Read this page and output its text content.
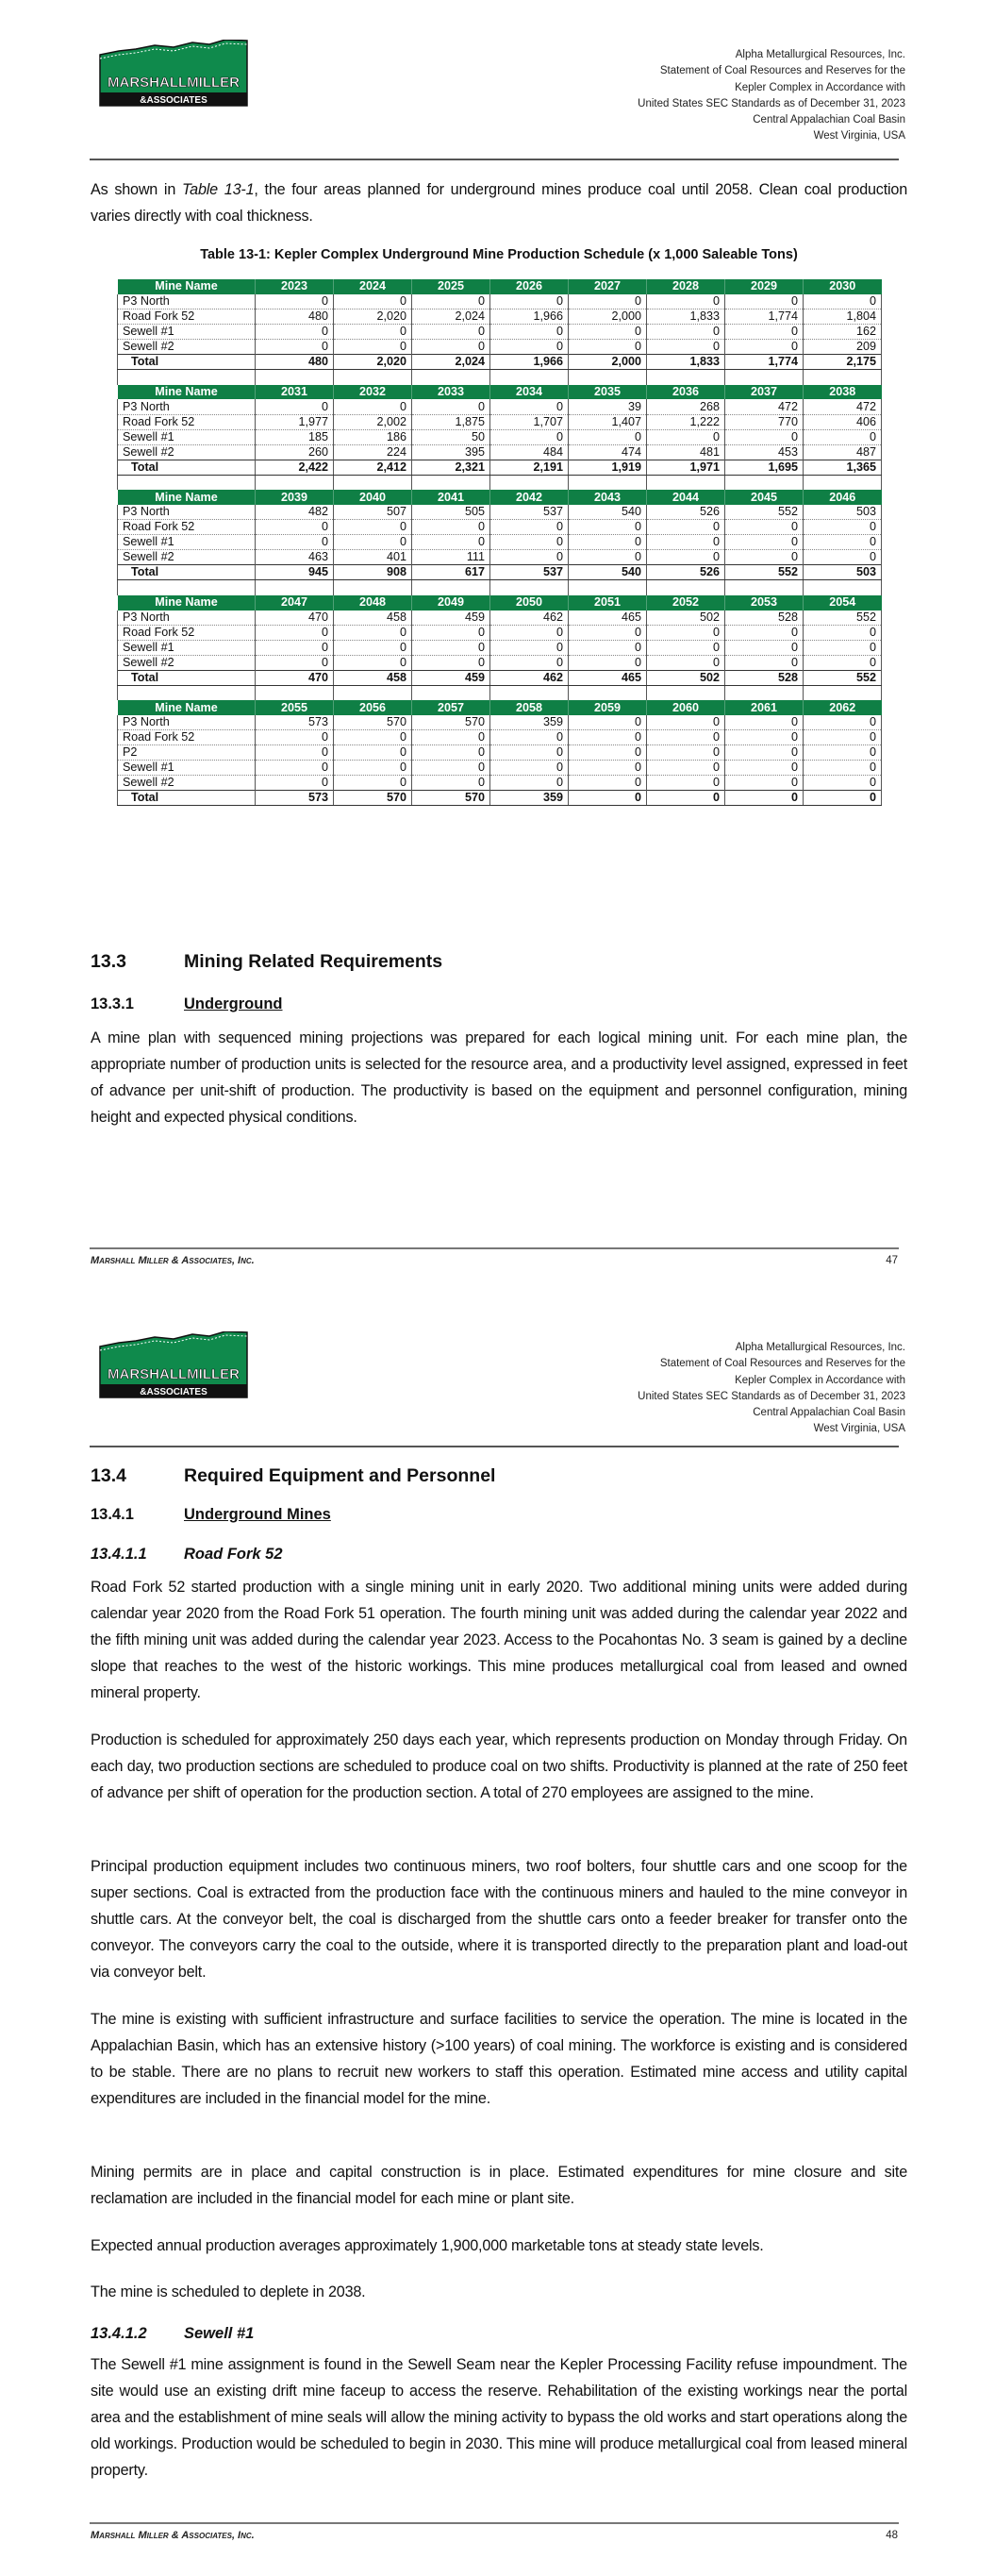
MARSHALLMILLER
&ASSOCIATES
Alpha Metallurgical Resources, Inc.
Statement of Coal Resources and Reserves for the
Kepler Complex in Accordance with
United States SEC Standards as of December 31, 2023
Central Appalachian Coal Basin
West Virginia, USA

As shown in Table 13-1, the four areas planned for underground mines produce coal until 2058. Clean coal production varies directly with coal thickness.

Table 13-1: Kepler Complex Underground Mine Production Schedule (x 1,000 Saleable Tons)
Mine Name	2023	2024	2025	2026	2027	2028	2029	2030
P3 North	0	0	0	0	0	0	0	0
Road Fork 52	480	2,020	2,024	1,966	2,000	1,833	1,774	1,804
Sewell #1	0	0	0	0	0	0	0	162
Sewell #2	0	0	0	0	0	0	0	209
Total	480	2,020	2,024	1,966	2,000	1,833	1,774	2,175

Mine Name	2031	2032	2033	2034	2035	2036	2037	2038
P3 North	0	0	0	0	39	268	472	472
Road Fork 52	1,977	2,002	1,875	1,707	1,407	1,222	770	406
Sewell #1	185	186	50	0	0	0	0	0
Sewell #2	260	224	395	484	474	481	453	487
Total	2,422	2,412	2,321	2,191	1,919	1,971	1,695	1,365

Mine Name	2039	2040	2041	2042	2043	2044	2045	2046
P3 North	482	507	505	537	540	526	552	503
Road Fork 52	0	0	0	0	0	0	0	0
Sewell #1	0	0	0	0	0	0	0	0
Sewell #2	463	401	111	0	0	0	0	0
Total	945	908	617	537	540	526	552	503

Mine Name	2047	2048	2049	2050	2051	2052	2053	2054
P3 North	470	458	459	462	465	502	528	552
Road Fork 52	0	0	0	0	0	0	0	0
Sewell #1	0	0	0	0	0	0	0	0
Sewell #2	0	0	0	0	0	0	0	0
Total	470	458	459	462	465	502	528	552

Mine Name	2055	2056	2057	2058	2059	2060	2061	2062
P3 North	573	570	570	359	0	0	0	0
Road Fork 52	0	0	0	0	0	0	0	0
P2	0	0	0	0	0	0	0	0
Sewell #1	0	0	0	0	0	0	0	0
Sewell #2	0	0	0	0	0	0	0	0
Total	573	570	570	359	0	0	0	0
13.3	Mining Related Requirements
13.3.1	Underground

A mine plan with sequenced mining projections was prepared for each logical mining unit. For each mine plan, the appropriate number of production units is selected for the resource area, and a productivity level assigned, expressed in feet of advance per unit-shift of production. The productivity is based on the equipment and personnel configuration, mining height and expected physical conditions.

Marshall Miller & Associates, Inc.	47
MARSHALLMILLER
&ASSOCIATES
Alpha Metallurgical Resources, Inc.
Statement of Coal Resources and Reserves for the
Kepler Complex in Accordance with
United States SEC Standards as of December 31, 2023
Central Appalachian Coal Basin
West Virginia, USA
13.4	Required Equipment and Personnel
13.4.1	Underground Mines
13.4.1.1 Road Fork 52

Road Fork 52 started production with a single mining unit in early 2020. Two additional mining units were added during calendar year 2020 from the Road Fork 51 operation. The fourth mining unit was added during the calendar year 2022 and the fifth mining unit was added during the calendar year 2023. Access to the Pocahontas No. 3 seam is gained by a decline slope that reaches to the west of the historic workings. This mine produces metallurgical coal from leased and owned mineral property.

Production is scheduled for approximately 250 days each year, which represents production on Monday through Friday. On each day, two production sections are scheduled to produce coal on two shifts. Productivity is planned at the rate of 250 feet of advance per shift of operation for the production section. A total of 270 employees are assigned to the mine.

Principal production equipment includes two continuous miners, two roof bolters, four shuttle cars and one scoop for the super sections. Coal is extracted from the production face with the continuous miners and hauled to the mine conveyor in shuttle cars. At the conveyor belt, the coal is discharged from the shuttle cars onto a feeder breaker for transfer onto the conveyor. The conveyors carry the coal to the outside, where it is transported directly to the preparation plant and load-out via conveyor belt.

The mine is existing with sufficient infrastructure and surface facilities to service the operation. The mine is located in the Appalachian Basin, which has an extensive history (>100 years) of coal mining. The workforce is existing and is considered to be stable. There are no plans to recruit new workers to staff this operation. Estimated mine access and utility capital expenditures are included in the financial model for the mine.

Mining permits are in place and capital construction is in place. Estimated expenditures for mine closure and site reclamation are included in the financial model for each mine or plant site.

Expected annual production averages approximately 1,900,000 marketable tons at steady state levels.

The mine is scheduled to deplete in 2038.

13.4.1.2 Sewell #1

The Sewell #1 mine assignment is found in the Sewell Seam near the Kepler Processing Facility refuse impoundment. The site would use an existing drift mine faceup to access the reserve. Rehabilitation of the existing workings near the portal area and the establishment of mine seals will allow the mining activity to bypass the old works and start operations along the old workings. Production would be scheduled to begin in 2030. This mine will produce metallurgical coal from leased mineral property.

Marshall Miller & Associates, Inc.	48
